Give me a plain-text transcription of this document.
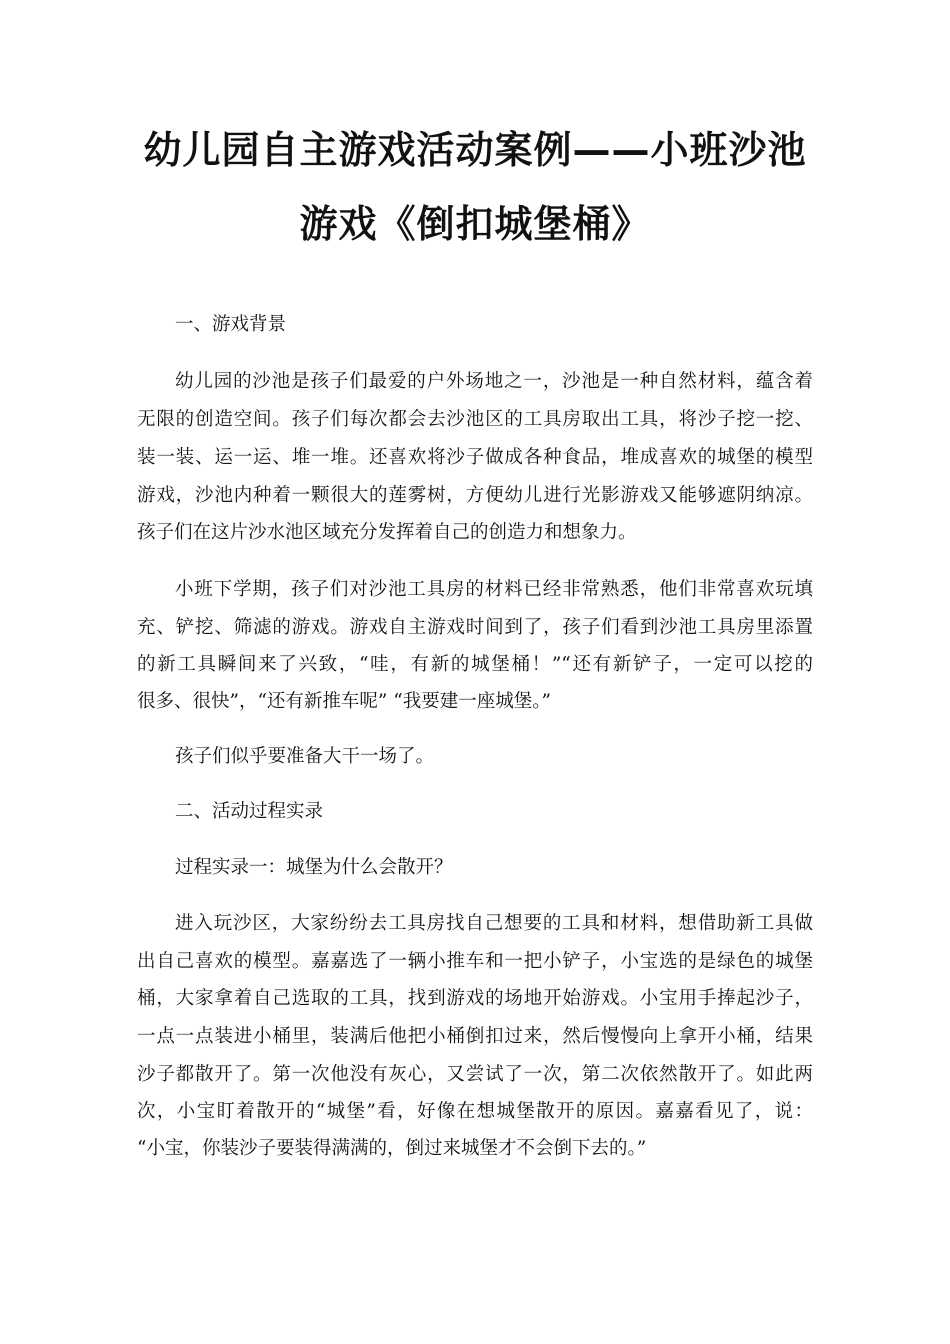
幼儿园自主游戏活动案例——小班沙池
游戏《倒扣城堡桶》
一、游戏背景
幼儿园的沙池是孩子们最爱的户外场地之一，沙池是一种自然材料，蕴含着
无限的创造空间。孩子们每次都会去沙池区的工具房取出工具，将沙子挖一挖、
装一装、运一运、堆一堆。还喜欢将沙子做成各种食品，堆成喜欢的城堡的模型
游戏，沙池内种着一颗很大的莲雾树，方便幼儿进行光影游戏又能够遮阴纳凉。
孩子们在这片沙水池区域充分发挥着自己的创造力和想象力。
小班下学期，孩子们对沙池工具房的材料已经非常熟悉，他们非常喜欢玩填
充、铲挖、筛滤的游戏。游戏自主游戏时间到了，孩子们看到沙池工具房里添置
的新工具瞬间来了兴致，“哇，有新的城堡桶！”“还有新铲子，一定可以挖的
很多、很快”，“还有新推车呢” “我要建一座城堡。”
孩子们似乎要准备大干一场了。
二、活动过程实录
过程实录一：城堡为什么会散开？
进入玩沙区，大家纷纷去工具房找自己想要的工具和材料，想借助新工具做
出自己喜欢的模型。嘉嘉选了一辆小推车和一把小铲子，小宝选的是绿色的城堡
桶，大家拿着自己选取的工具，找到游戏的场地开始游戏。小宝用手捧起沙子，
一点一点装进小桶里，装满后他把小桶倒扣过来，然后慢慢向上拿开小桶，结果
沙子都散开了。第一次他没有灰心，又尝试了一次，第二次依然散开了。如此两
次，小宝盯着散开的“城堡”看，好像在想城堡散开的原因。嘉嘉看见了，说：
“小宝，你装沙子要装得满满的，倒过来城堡才不会倒下去的。”
